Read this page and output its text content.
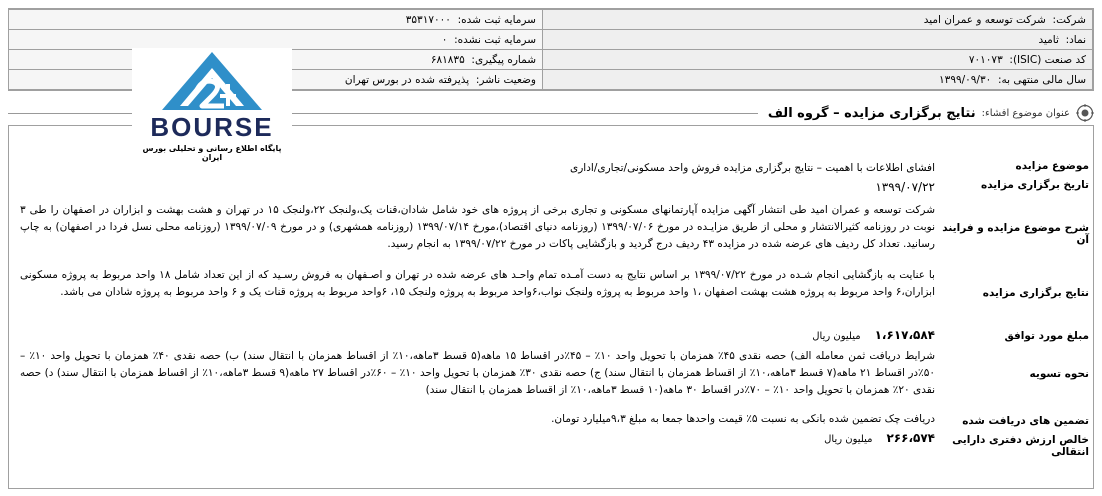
شرکت:  شرکت توسعه و عمران امید	سرمایه ثبت شده:  ۳۵۳۱۷۰۰۰
نماد:  ثامید	سرمایه ثبت نشده:  ۰
کد صنعت (ISIC):  ۷۰۱۰۷۳	شماره پیگیری:  ۶۸۱۸۳۵
سال مالی منتهی به:  ۱۳۹۹/۰۹/۳۰	وضعیت ناشر:  پذیرفته شده در بورس تهران
BOURSE
پایگاه اطلاع رسانی و تحلیلی بورس ایران
عنوان موضوع افشاء:
نتایج برگزاری مزایده – گروه الف
موضوع مزایده
افشای اطلاعات با اهمیت – نتایج برگزاری مزایده فروش واحد مسکونی/تجاری/اداری
تاریخ برگزاری مزایده
۱۳۹۹/۰۷/۲۲
شرح موضوع مزایده و فرایند آن
شرکت توسعه و عمران امید طی انتشار آگهی مزایده آپارتمانهای مسکونی و تجاری برخی از پروژه های خود شامل شادان،قنات یک،ولنجک ۲۲،ولنجک ۱۵ در تهران و هشت بهشت و ابزاران در اصفهان را طی ۳ نوبت در روزنامه کثیرالانتشار و محلی از طریق مزایـده در مورخ ۱۳۹۹/۰۷/۰۶ (روزنامه دنیای اقتصاد)،مورخ ۱۳۹۹/۰۷/۱۴ (روزنامه همشهری) و در مورخ ۱۳۹۹/۰۷/۰۹ (روزنامه محلی نسل فردا در اصفهان) به چاپ رسانید. تعداد کل ردیف های عرضه شده در مزایده ۴۳ ردیف درج گردید و بازگشایی پاکات در مورخ ۱۳۹۹/۰۷/۲۲ به انجام رسید.
نتایج برگزاری مزایده
با عنایت به بازگشایی انجام شـده در مورخ ۱۳۹۹/۰۷/۲۲ بر اساس نتایج به دست آمـده تمام واحـد های عرضه شده در تهران و اصـفهان به فروش رسـید که از این تعداد شامل ۱۸ واحد مربوط به پروژه مسکونی ابزاران،۶ واحد مربوط به پروژه هشت بهشت اصفهان ،۱ واحد مربوط به پروژه ولنجک نواب،۶واحد مربوط به پروژه ولنجک ۱۵، ۶واحد مربوط به پروژه قنات یک و ۶ واحد مربوط به پروژه شادان می باشد.
مبلغ مورد توافق
۱،۶۱۷،۵۸۴میلیون ریال
نحوه تسویه
شرایط دریافت ثمن معامله الف) حصه نقدی ۴۵٪ همزمان با تحویل واحد ۱۰٪ – ۴۵٪در اقساط ۱۵ ماهه(۵ قسط ۳ماهه،۱۰٪ از اقساط همزمان با انتقال سند) ب) حصه نقدی ۴۰٪ همزمان با تحویل واحد ۱۰٪ – ۵۰٪در اقساط ۲۱ ماهه(۷ قسط ۳ماهه،۱۰٪ از اقساط همزمان با انتقال سند) ج) حصه نقدی ۳۰٪ همزمان با تحویل واحد ۱۰٪ – ۶۰٪در اقساط ۲۷ ماهه(۹ قسط ۳ماهه،۱۰٪ از اقساط همزمان با انتقال سند) د) حصه نقدی ۲۰٪ همزمان با تحویل واحد ۱۰٪ – ۷۰٪در اقساط ۳۰ ماهه(۱۰ قسط ۳ماهه،۱۰٪ از اقساط همزمان با انتقال سند)
تضمین های دریافت شده
دریافت چک تضمین شده بانکی به نسبت ۵٪ قیمت واحدها جمعا به مبلغ ۹،۳میلیارد تومان.
خالص ارزش دفتری دارایی انتقالی
۲۶۶،۵۷۴میلیون ریال
